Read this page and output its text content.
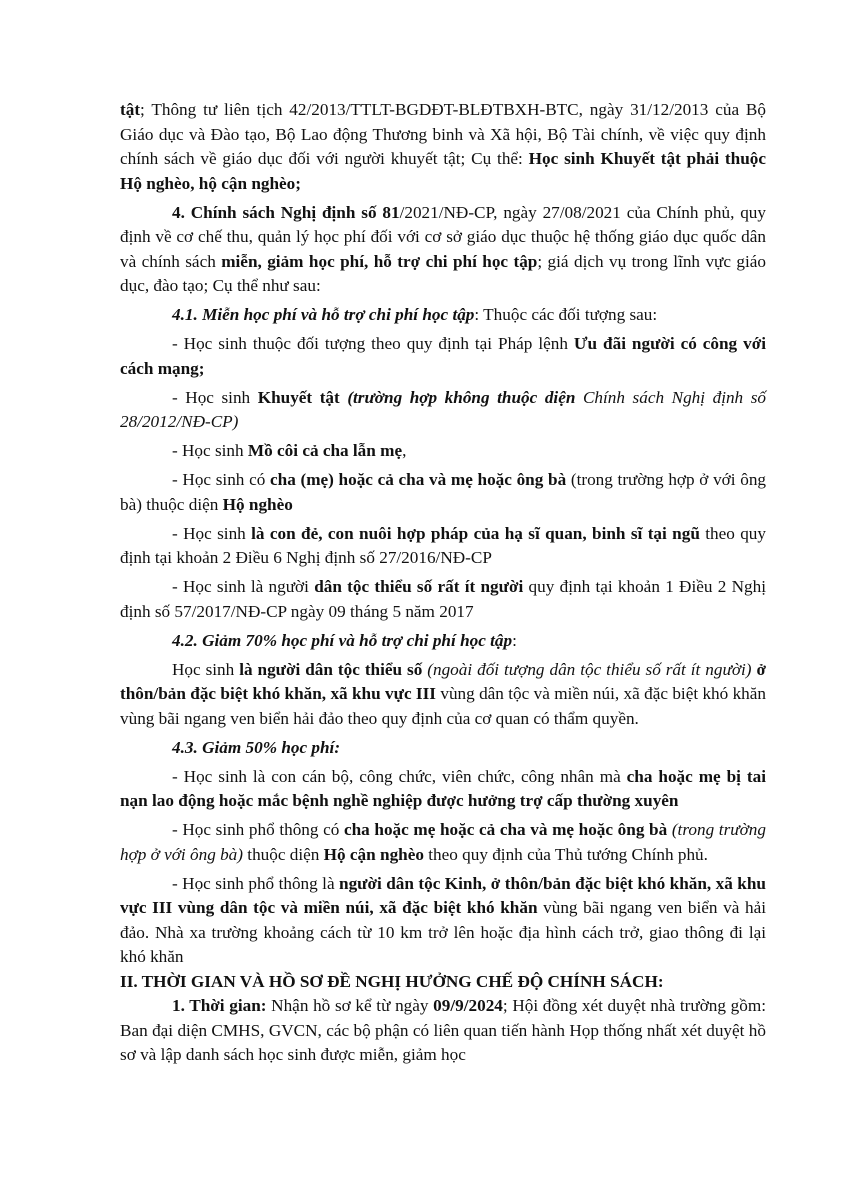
tật; Thông tư liên tịch 42/2013/TTLT-BGDĐT-BLĐTBXH-BTC, ngày 31/12/2013 của Bộ Giáo dục và Đào tạo, Bộ Lao động Thương binh và Xã hội, Bộ Tài chính, về việc quy định chính sách về giáo dục đối với người khuyết tật; Cụ thể: Học sinh Khuyết tật phải thuộc Hộ nghèo, hộ cận nghèo;

4. Chính sách Nghị định số 81/2021/NĐ-CP, ngày 27/08/2021 của Chính phủ, quy định về cơ chế thu, quản lý học phí đối với cơ sở giáo dục thuộc hệ thống giáo dục quốc dân và chính sách miễn, giảm học phí, hỗ trợ chi phí học tập; giá dịch vụ trong lĩnh vực giáo dục, đào tạo; Cụ thể như sau:

4.1. Miễn học phí và hỗ trợ chi phí học tập: Thuộc các đối tượng sau:

- Học sinh thuộc đối tượng theo quy định tại Pháp lệnh Ưu đãi người có công với cách mạng;

- Học sinh Khuyết tật (trường hợp không thuộc diện Chính sách Nghị định số 28/2012/NĐ-CP)

- Học sinh Mồ côi cả cha lẫn mẹ,

- Học sinh có cha (mẹ) hoặc cả cha và mẹ hoặc ông bà (trong trường hợp ở với ông bà) thuộc diện Hộ nghèo

- Học sinh là con đẻ, con nuôi hợp pháp của hạ sĩ quan, binh sĩ tại ngũ theo quy định tại khoản 2 Điều 6 Nghị định số 27/2016/NĐ-CP

- Học sinh là người dân tộc thiểu số rất ít người quy định tại khoản 1 Điều 2 Nghị định số 57/2017/NĐ-CP ngày 09 tháng 5 năm 2017

4.2. Giảm 70% học phí và hỗ trợ chi phí học tập:

Học sinh là người dân tộc thiểu số (ngoài đối tượng dân tộc thiểu số rất ít người) ở thôn/bản đặc biệt khó khăn, xã khu vực III vùng dân tộc và miền núi, xã đặc biệt khó khăn vùng bãi ngang ven biển hải đảo theo quy định của cơ quan có thẩm quyền.

4.3. Giảm 50% học phí:

- Học sinh là con cán bộ, công chức, viên chức, công nhân mà cha hoặc mẹ bị tai nạn lao động hoặc mắc bệnh nghề nghiệp được hưởng trợ cấp thường xuyên

- Học sinh phổ thông có cha hoặc mẹ hoặc cả cha và mẹ hoặc ông bà (trong trường hợp ở với ông bà) thuộc diện Hộ cận nghèo theo quy định của Thủ tướng Chính phủ.

- Học sinh phổ thông là người dân tộc Kinh, ở thôn/bản đặc biệt khó khăn, xã khu vực III vùng dân tộc và miền núi, xã đặc biệt khó khăn vùng bãi ngang ven biển và hải đảo. Nhà xa trường khoảng cách từ 10 km trở lên hoặc địa hình cách trở, giao thông đi lại khó khăn

II. THỜI GIAN VÀ HỒ SƠ ĐỀ NGHỊ HƯỞNG CHẾ ĐỘ CHÍNH SÁCH:

1. Thời gian: Nhận hồ sơ kể từ ngày 09/9/2024; Hội đồng xét duyệt nhà trường gồm: Ban đại diện CMHS, GVCN, các bộ phận có liên quan tiến hành Họp thống nhất xét duyệt hồ sơ và lập danh sách học sinh được miễn, giảm học
